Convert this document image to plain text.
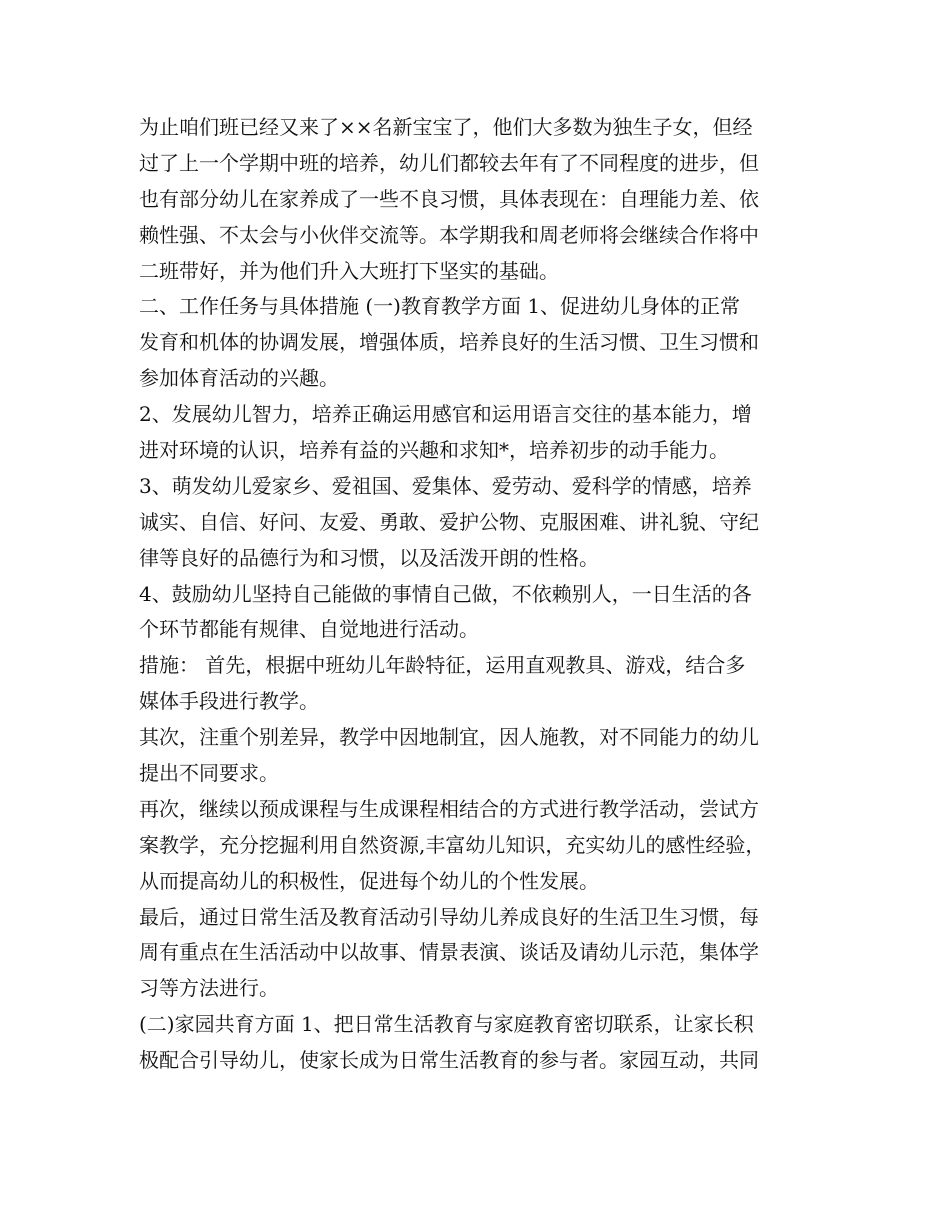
为止咱们班已经又来了××名新宝宝了，他们大多数为独生子女，但经
过了上一个学期中班的培养，幼儿们都较去年有了不同程度的进步，但
也有部分幼儿在家养成了一些不良习惯，具体表现在：自理能力差、依
赖性强、不太会与小伙伴交流等。本学期我和周老师将会继续合作将中
二班带好，并为他们升入大班打下坚实的基础。
二、工作任务与具体措施 (一)教育教学方面 1、促进幼儿身体的正常
发育和机体的协调发展，增强体质，培养良好的生活习惯、卫生习惯和
参加体育活动的兴趣。
2、发展幼儿智力，培养正确运用感官和运用语言交往的基本能力，增
进对环境的认识，培养有益的兴趣和求知*，培养初步的动手能力。
3、萌发幼儿爱家乡、爱祖国、爱集体、爱劳动、爱科学的情感，培养
诚实、自信、好问、友爱、勇敢、爱护公物、克服困难、讲礼貌、守纪
律等良好的品德行为和习惯，以及活泼开朗的性格。
4、鼓励幼儿坚持自己能做的事情自己做，不依赖别人，一日生活的各
个环节都能有规律、自觉地进行活动。
措施： 首先，根据中班幼儿年龄特征，运用直观教具、游戏，结合多
媒体手段进行教学。
其次，注重个别差异，教学中因地制宜，因人施教，对不同能力的幼儿
提出不同要求。
再次，继续以预成课程与生成课程相结合的方式进行教学活动，尝试方
案教学，充分挖掘利用自然资源,丰富幼儿知识，充实幼儿的感性经验，
从而提高幼儿的积极性，促进每个幼儿的个性发展。
最后，通过日常生活及教育活动引导幼儿养成良好的生活卫生习惯，每
周有重点在生活活动中以故事、情景表演、谈话及请幼儿示范，集体学
习等方法进行。
(二)家园共育方面 1、把日常生活教育与家庭教育密切联系，让家长积
极配合引导幼儿，使家长成为日常生活教育的参与者。家园互动，共同
